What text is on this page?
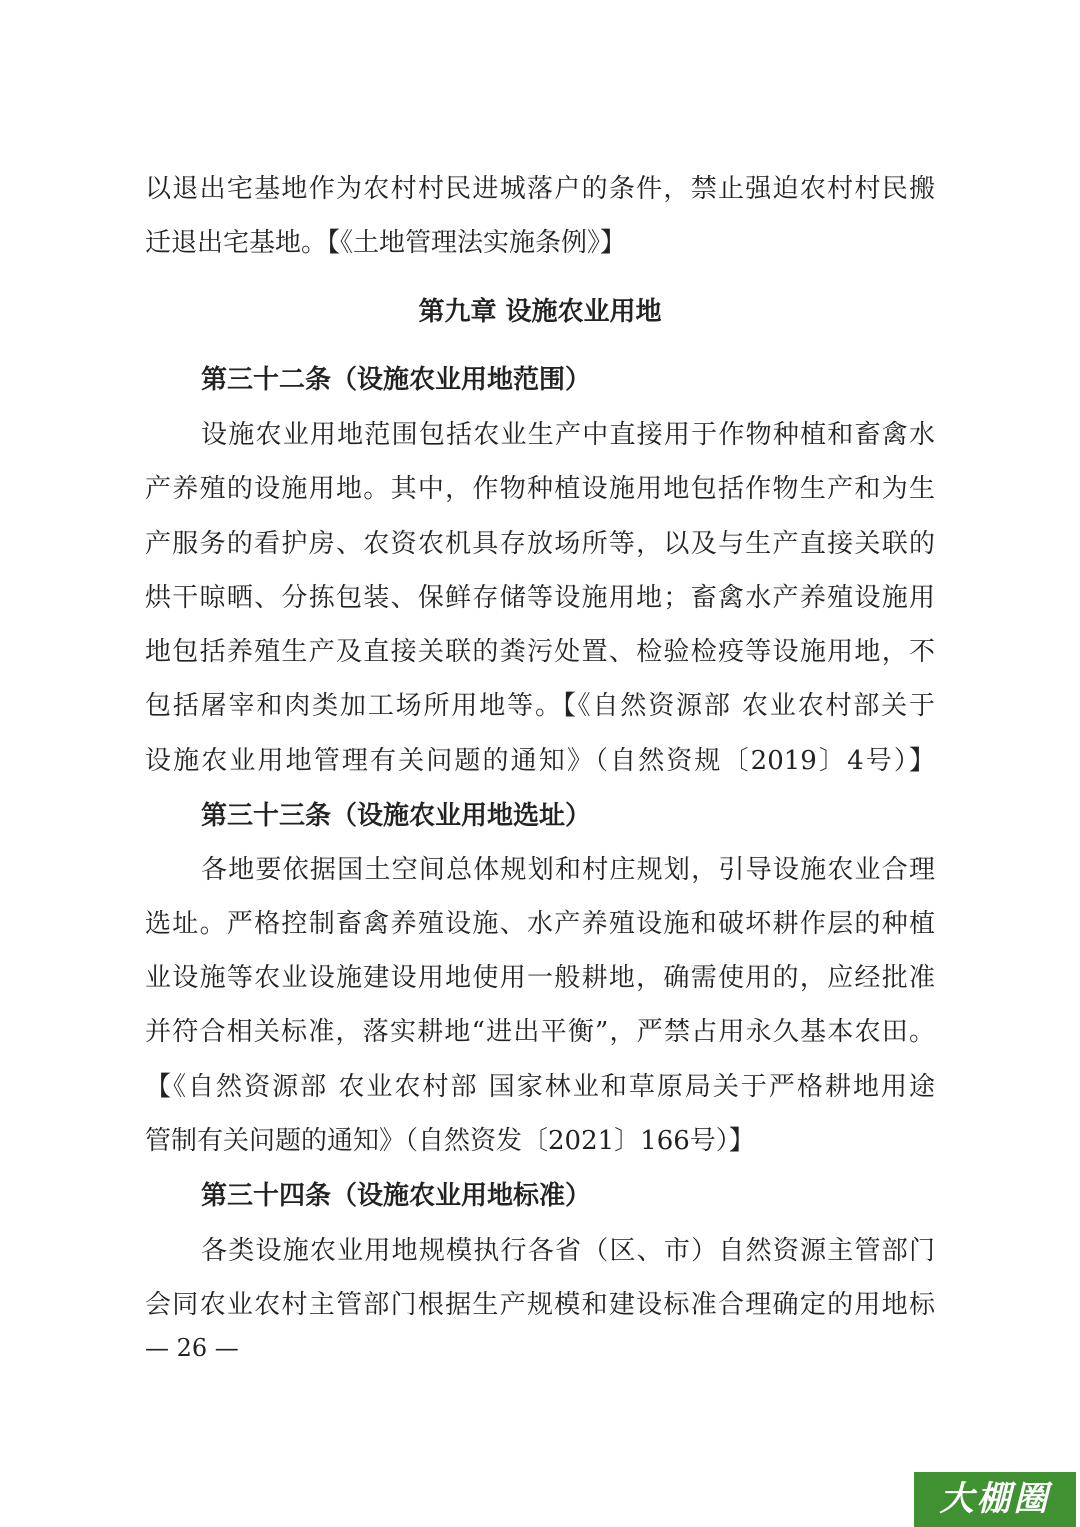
以退出宅基地作为农村村民进城落户的条件，禁止强迫农村村民搬
迁退出宅基地。【《土地管理法实施条例》】
第九章 设施农业用地
第三十二条（设施农业用地范围）
设施农业用地范围包括农业生产中直接用于作物种植和畜禽水
产养殖的设施用地。其中，作物种植设施用地包括作物生产和为生
产服务的看护房、农资农机具存放场所等，以及与生产直接关联的
烘干晾晒、分拣包装、保鲜存储等设施用地；畜禽水产养殖设施用
地包括养殖生产及直接关联的粪污处置、检验检疫等设施用地，不
包括屠宰和肉类加工场所用地等。【《自然资源部 农业农村部关于
设施农业用地管理有关问题的通知》（自然资规〔2019〕4号）】
第三十三条（设施农业用地选址）
各地要依据国土空间总体规划和村庄规划，引导设施农业合理
选址。严格控制畜禽养殖设施、水产养殖设施和破坏耕作层的种植
业设施等农业设施建设用地使用一般耕地，确需使用的，应经批准
并符合相关标准，落实耕地“进出平衡”，严禁占用永久基本农田。
【《自然资源部 农业农村部 国家林业和草原局关于严格耕地用途
管制有关问题的通知》（自然资发〔2021〕166号）】
第三十四条（设施农业用地标准）
各类设施农业用地规模执行各省（区、市）自然资源主管部门
会同农业农村主管部门根据生产规模和建设标准合理确定的用地标
— 26 —
大棚圈
